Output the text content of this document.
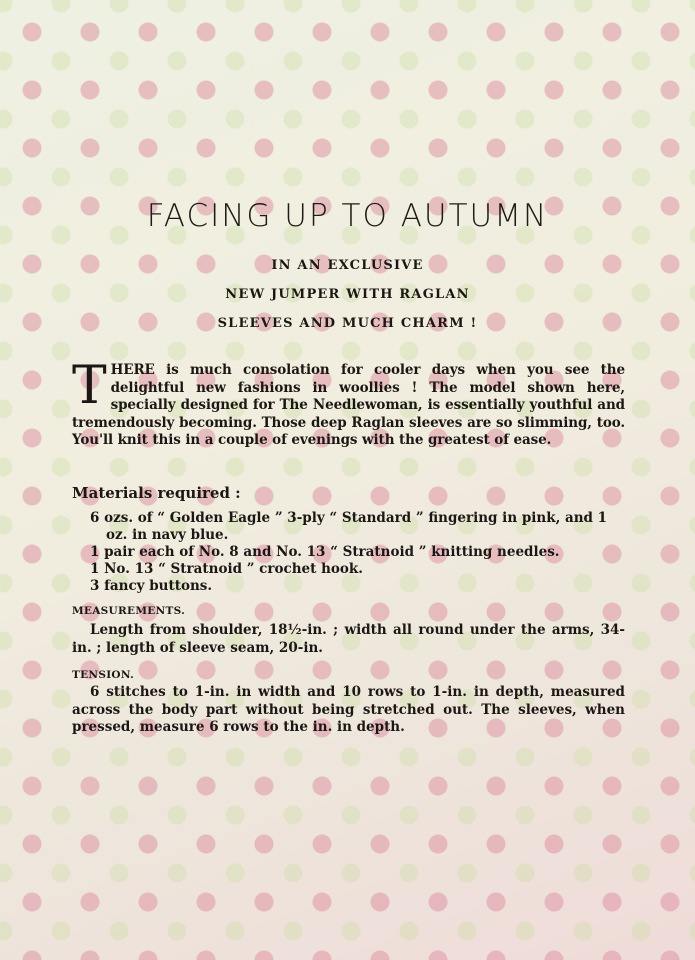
FACING UP TO AUTUMN

IN AN EXCLUSIVE

NEW JUMPER WITH RAGLAN

SLEEVES AND MUCH CHARM !

THERE is much consolation for cooler days when you see the delightful new fashions in woollies ! The model shown here, specially designed for The Needlewoman, is essentially youthful and tremendously becoming. Those deep Raglan sleeves are so slimming, too. You'll knit this in a couple of evenings with the greatest of ease.

Materials required :
6 ozs. of “ Golden Eagle ” 3-ply “ Standard ” fingering in pink, and 1 oz. in navy blue.
1 pair each of No. 8 and No. 13 “ Stratnoid ” knitting needles.
1 No. 13 “ Stratnoid ” crochet hook.
3 fancy buttons.
MEASUREMENTS.

Length from shoulder, 18½-in. ; width all round under the arms, 34-in. ; length of sleeve seam, 20-in.

TENSION.

6 stitches to 1-in. in width and 10 rows to 1-in. in depth, measured across the body part without being stretched out. The sleeves, when pressed, measure 6 rows to the in. in depth.
